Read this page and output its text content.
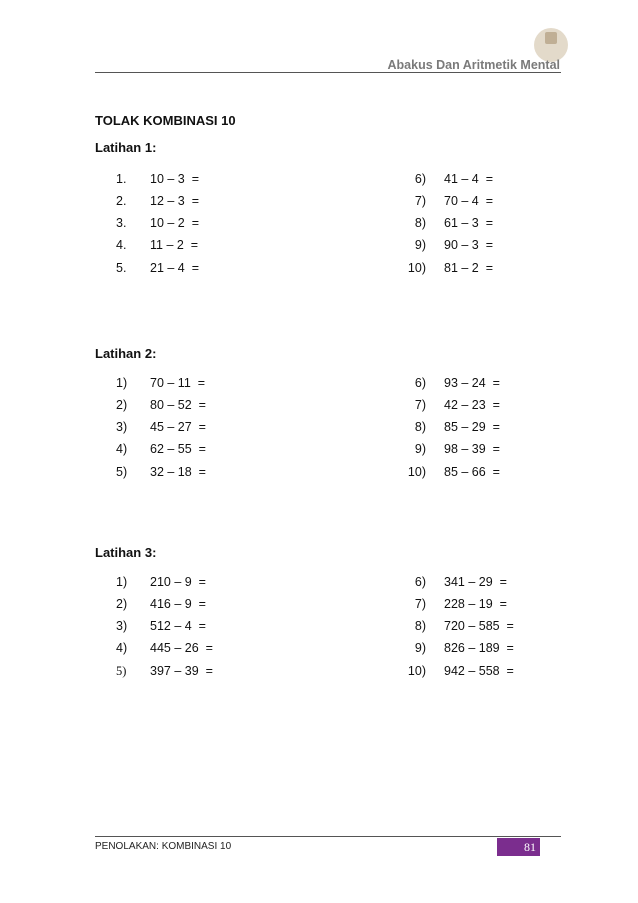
Abakus Dan Aritmetik Mental
TOLAK KOMBINASI 10
Latihan 1:
1.	10 – 3  =
2.	12 – 3  =
3.	10 – 2  =
4.	11 – 2  =
5.	21 – 4  =
6) 41 – 4  =
7) 70 – 4  =
8) 61 – 3  =
9) 90 – 3  =
10) 81 – 2  =
Latihan 2:
1)	70 – 11  =
2)	80 – 52  =
3)	45 – 27  =
4)	62 – 55  =
5)	32 – 18  =
6) 93 – 24  =
7) 42 – 23  =
8) 85 – 29  =
9) 98 – 39  =
10) 85 – 66  =
Latihan 3:
1)	210 – 9  =
2)	416 – 9  =
3)	512 – 4  =
4)	445 – 26  =
5)	397 – 39  =
6) 341 – 29  =
7) 228 – 19  =
8) 720 – 585  =
9) 826 – 189  =
10) 942 – 558  =
PENOLAKAN: KOMBINASI 10	81
